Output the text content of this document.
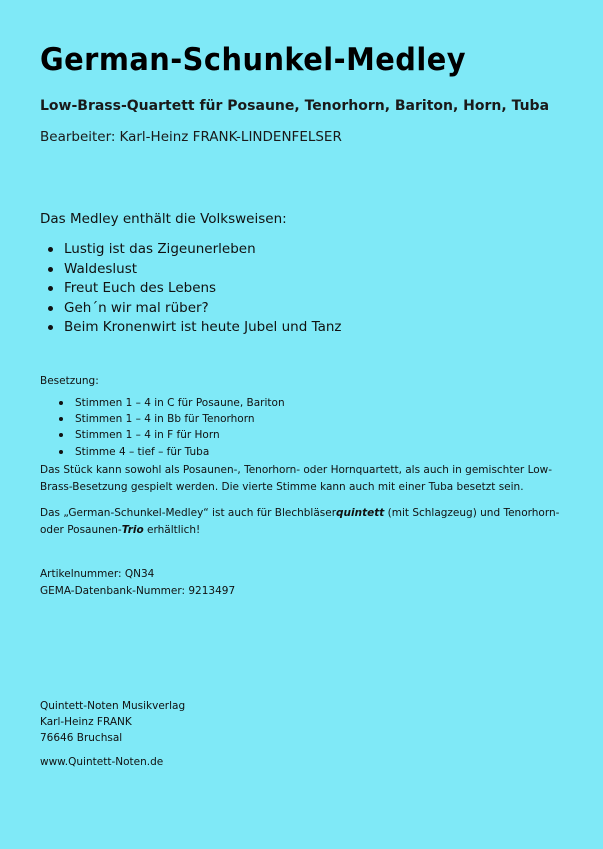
German-Schunkel-Medley
Low-Brass-Quartett für Posaune, Tenorhorn, Bariton, Horn, Tuba
Bearbeiter: Karl-Heinz FRANK-LINDENFELSER
Das Medley enthält die Volksweisen:
Lustig ist das Zigeunerleben
Waldeslust
Freut Euch des Lebens
Geh´n wir mal rüber?
Beim Kronenwirt ist heute Jubel und Tanz
Besetzung:
Stimmen 1 – 4 in C für Posaune, Bariton
Stimmen 1 – 4 in Bb für Tenorhorn
Stimmen 1 – 4 in F für Horn
Stimme 4 – tief – für Tuba

Das Stück kann sowohl als Posaunen-, Tenorhorn- oder Hornquartett, als auch in gemischter Low-Brass-Besetzung gespielt werden. Die vierte Stimme kann auch mit einer Tuba besetzt sein.

Das „German-Schunkel-Medley“ ist auch für Blechbläserquintett (mit Schlagzeug) und Tenorhorn- oder Posaunen-Trio erhältlich!

Artikelnummer: QN34
GEMA-Datenbank-Nummer: 9213497
Quintett-Noten Musikverlag
Karl-Heinz FRANK
76646 Bruchsal
www.Quintett-Noten.de
